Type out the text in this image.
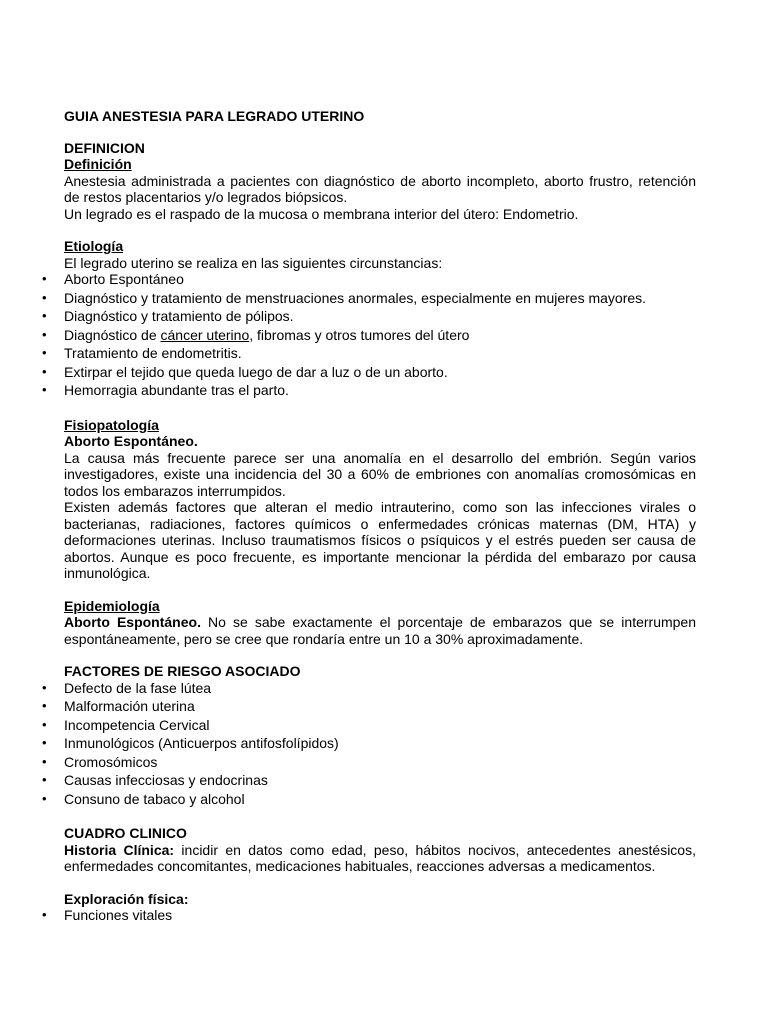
GUIA ANESTESIA PARA LEGRADO UTERINO

DEFINICION

Definición

Anestesia administrada a pacientes con diagnóstico de aborto incompleto, aborto frustro, retención de restos placentarios y/o legrados biópsicos.

Un legrado es el raspado de la mucosa o membrana interior del útero: Endometrio.

Etiología

El legrado uterino se realiza en las siguientes circunstancias:

• Aborto Espontáneo
• Diagnóstico y tratamiento de menstruaciones anormales, especialmente en mujeres mayores.
• Diagnóstico y tratamiento de pólipos.
• Diagnóstico de cáncer uterino, fibromas y otros tumores del útero
• Tratamiento de endometritis.
• Extirpar el tejido que queda luego de dar a luz o de un aborto.
• Hemorragia abundante tras el parto.

Fisiopatología

Aborto Espontáneo.

La causa más frecuente parece ser una anomalía en el desarrollo del embrión. Según varios investigadores, existe una incidencia del 30 a 60% de embriones con anomalías cromosómicas en todos los embarazos interrumpidos.

Existen además factores que alteran el medio intrauterino, como son las infecciones virales o bacterianas, radiaciones, factores químicos o enfermedades crónicas maternas (DM, HTA) y deformaciones uterinas. Incluso traumatismos físicos o psíquicos y el estrés pueden ser causa de abortos. Aunque es poco frecuente, es importante mencionar la pérdida del embarazo por causa inmunológica.

Epidemiología

Aborto Espontáneo. No se sabe exactamente el porcentaje de embarazos que se interrumpen espontáneamente, pero se cree que rondaría entre un 10 a 30% aproximadamente.

FACTORES DE RIESGO ASOCIADO

• Defecto de la fase lútea
• Malformación uterina
• Incompetencia Cervical
• Inmunológicos (Anticuerpos antifosfolípidos)
• Cromosómicos
• Causas infecciosas y endocrinas
• Consuno de tabaco y alcohol

CUADRO CLINICO

Historia Clínica: incidir en datos como edad, peso, hábitos nocivos, antecedentes anestésicos, enfermedades concomitantes, medicaciones habituales, reacciones adversas a medicamentos.

Exploración física:

• Funciones vitales
